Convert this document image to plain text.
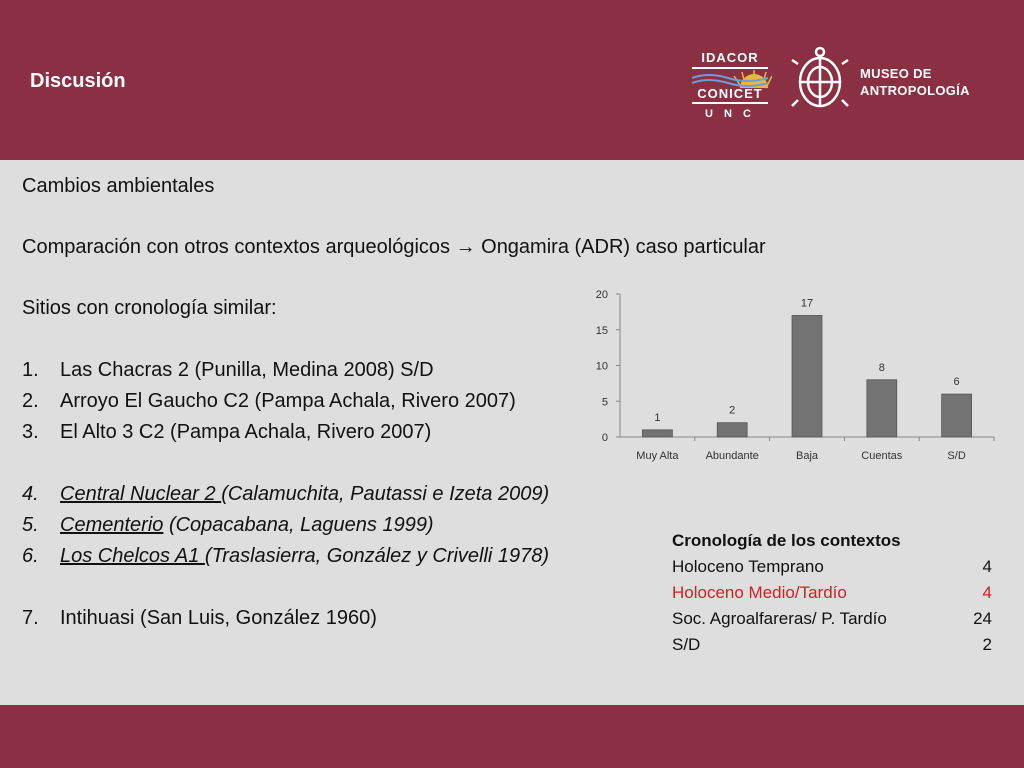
Discusión
IDACOR
CONICET
U N C
MUSEO DE
ANTROPOLOGÍA
Cambios ambientales
Comparación con otros contextos arqueológicos → Ongamira (ADR) caso particular
Sitios con cronología similar:
1. Las Chacras 2 (Punilla, Medina 2008) S/D
2. Arroyo El Gaucho C2 (Pampa Achala, Rivero 2007)
3. El Alto 3 C2 (Pampa Achala, Rivero 2007)
4. Central Nuclear 2 (Calamuchita, Pautassi e Izeta 2009)
5. Cementerio (Copacabana, Laguens 1999)
6. Los Chelcos A1 (Traslasierra, González y Crivelli 1978)
7. Intihuasi (San Luis, González 1960)
0
5
10
15
20
1
Muy Alta
2
Abundante
17
Baja
8
Cuentas
6
S/D
Cronología de los contextos
Holoceno Temprano	4
Holoceno Medio/Tardío	4
Soc. Agroalfareras/ P. Tardío	24
S/D	2
